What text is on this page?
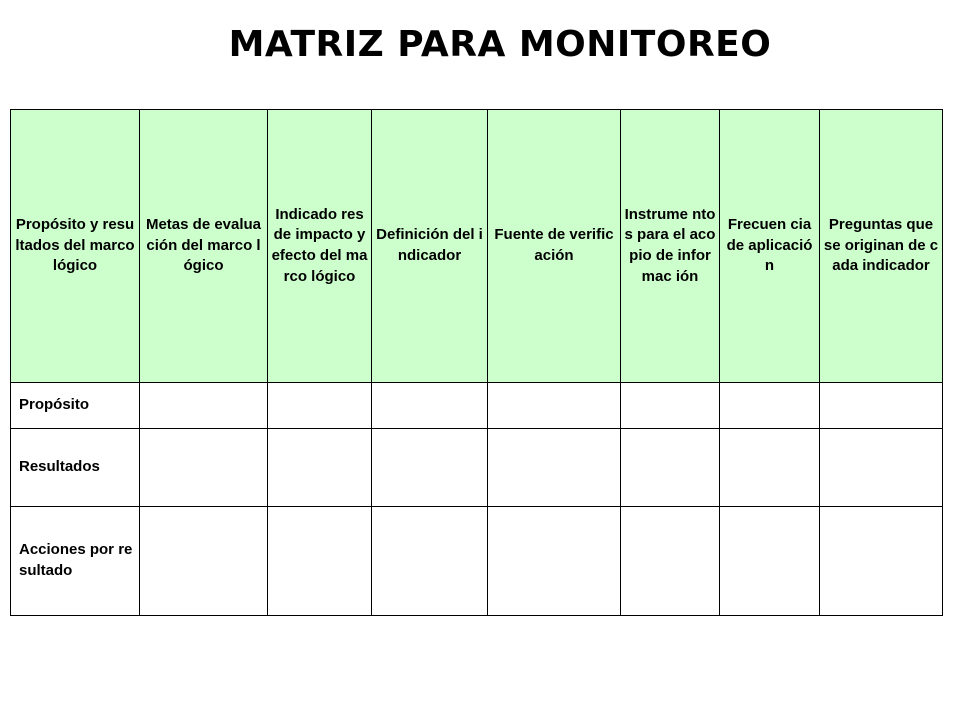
MATRIZ PARA MONITOREO
Propósito y resultados del marco lógico	Metas de evaluación del marco lógico	Indicado res de impacto y efecto del marco lógico	Definición del indicador	Fuente de verificación	Instrume ntos para el acopio de informac ión	Frecuen cia de aplicació n	Preguntas que se originan de cada indicador
Propósito							
Resultados							
Acciones por resultado							
